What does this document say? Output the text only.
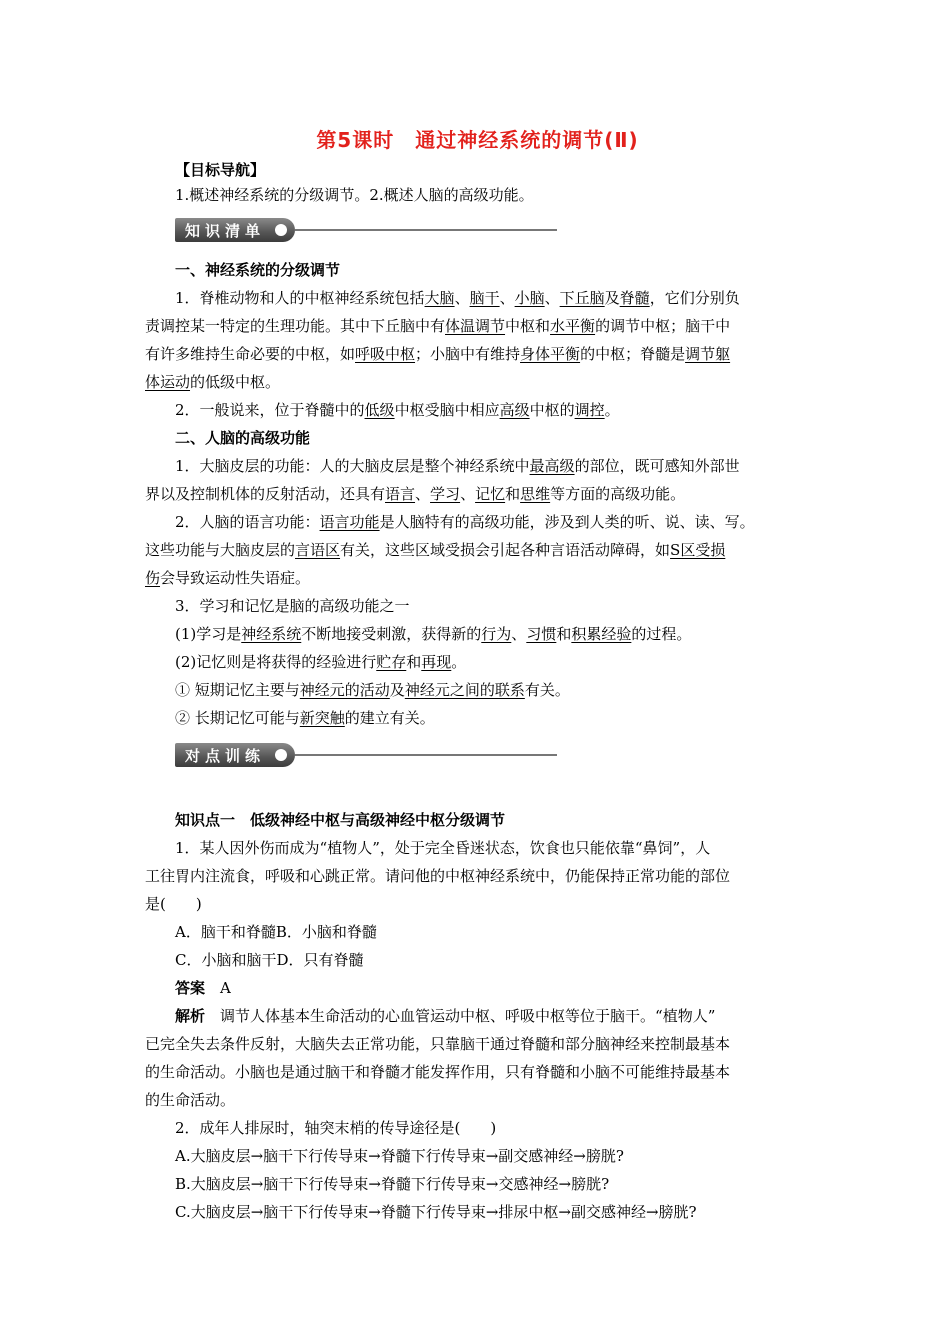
第5课时　通过神经系统的调节(Ⅱ)
【目标导航】
1.概述神经系统的分级调节。2.概述人脑的高级功能。
知识清单
一、神经系统的分级调节
1．脊椎动物和人的中枢神经系统包括大脑、脑干、小脑、下丘脑及脊髓，它们分别负
责调控某一特定的生理功能。其中下丘脑中有体温调节中枢和水平衡的调节中枢；脑干中
有许多维持生命必要的中枢，如呼吸中枢；小脑中有维持身体平衡的中枢；脊髓是调节躯
体运动的低级中枢。
2．一般说来，位于脊髓中的低级中枢受脑中相应高级中枢的调控。
二、人脑的高级功能
1．大脑皮层的功能：人的大脑皮层是整个神经系统中最高级的部位，既可感知外部世
界以及控制机体的反射活动，还具有语言、学习、记忆和思维等方面的高级功能。
2．人脑的语言功能：语言功能是人脑特有的高级功能，涉及到人类的听、说、读、写。
这些功能与大脑皮层的言语区有关，这些区域受损会引起各种言语活动障碍，如S区受损
伤会导致运动性失语症。
3．学习和记忆是脑的高级功能之一
(1)学习是神经系统不断地接受刺激，获得新的行为、习惯和积累经验的过程。
(2)记忆则是将获得的经验进行贮存和再现。
① 短期记忆主要与神经元的活动及神经元之间的联系有关。
② 长期记忆可能与新突触的建立有关。
对点训练
知识点一　低级神经中枢与高级神经中枢分级调节
1．某人因外伤而成为“植物人”，处于完全昏迷状态，饮食也只能依靠“鼻饲”，人
工往胃内注流食，呼吸和心跳正常。请问他的中枢神经系统中，仍能保持正常功能的部位
是(　　)
A．脑干和脊髓B．小脑和脊髓
C．小脑和脑干D．只有脊髓
答案　 A
解析　 调节人体基本生命活动的心血管运动中枢、呼吸中枢等位于脑干。“植物人”
已完全失去条件反射，大脑失去正常功能，只靠脑干通过脊髓和部分脑神经来控制最基本
的生命活动。小脑也是通过脑干和脊髓才能发挥作用，只有脊髓和小脑不可能维持最基本
的生命活动。
2．成年人排尿时，轴突末梢的传导途径是(　　)
A.大脑皮层→脑干下行传导束→脊髓下行传导束→副交感神经→膀胱?
B.大脑皮层→脑干下行传导束→脊髓下行传导束→交感神经→膀胱?
C.大脑皮层→脑干下行传导束→脊髓下行传导束→排尿中枢→副交感神经→膀胱?
